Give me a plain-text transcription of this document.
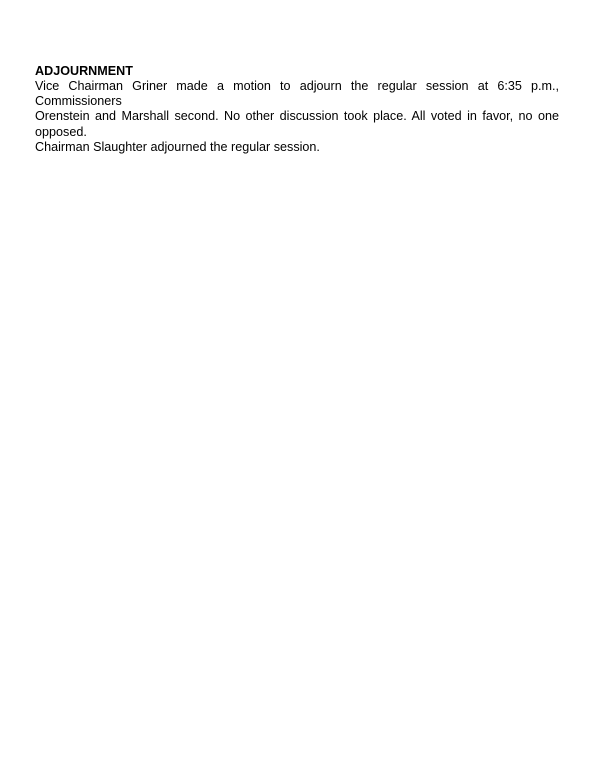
ADJOURNMENT

Vice Chairman Griner made a motion to adjourn the regular session at 6:35 p.m., Commissioners
Orenstein and Marshall second. No other discussion took place. All voted in favor, no one opposed.
Chairman Slaughter adjourned the regular session.
